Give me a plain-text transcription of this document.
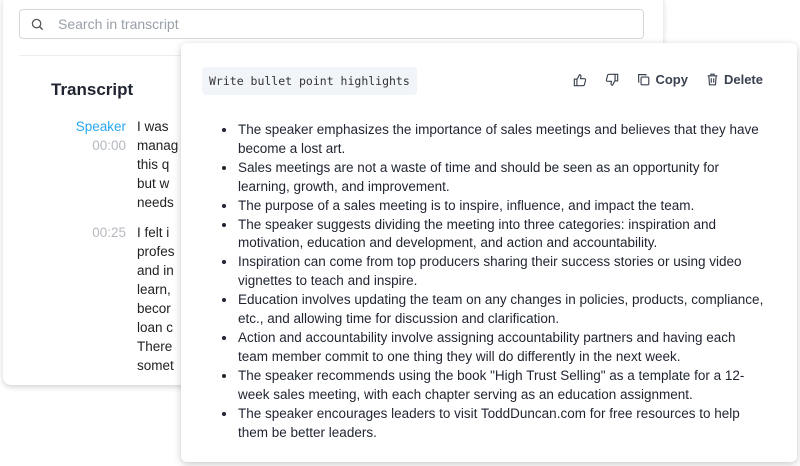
Search in transcript
Transcript
Speaker
00:00
I was
manag
this q
but w
needs
00:25 I felt i
profes
and in
learn,
becor
loan c
There
somet
Write bullet point highlights	Copy	Delete
• The speaker emphasizes the importance of sales meetings and believes that they have become a lost art.
• Sales meetings are not a waste of time and should be seen as an opportunity for learning, growth, and improvement.
• The purpose of a sales meeting is to inspire, influence, and impact the team.
• The speaker suggests dividing the meeting into three categories: inspiration and motivation, education and development, and action and accountability.
• Inspiration can come from top producers sharing their success stories or using video vignettes to teach and inspire.
• Education involves updating the team on any changes in policies, products, compliance, etc., and allowing time for discussion and clarification.
• Action and accountability involve assigning accountability partners and having each team member commit to one thing they will do differently in the next week.
• The speaker recommends using the book "High Trust Selling" as a template for a 12-week sales meeting, with each chapter serving as an education assignment.
• The speaker encourages leaders to visit ToddDuncan.com for free resources to help them be better leaders.
